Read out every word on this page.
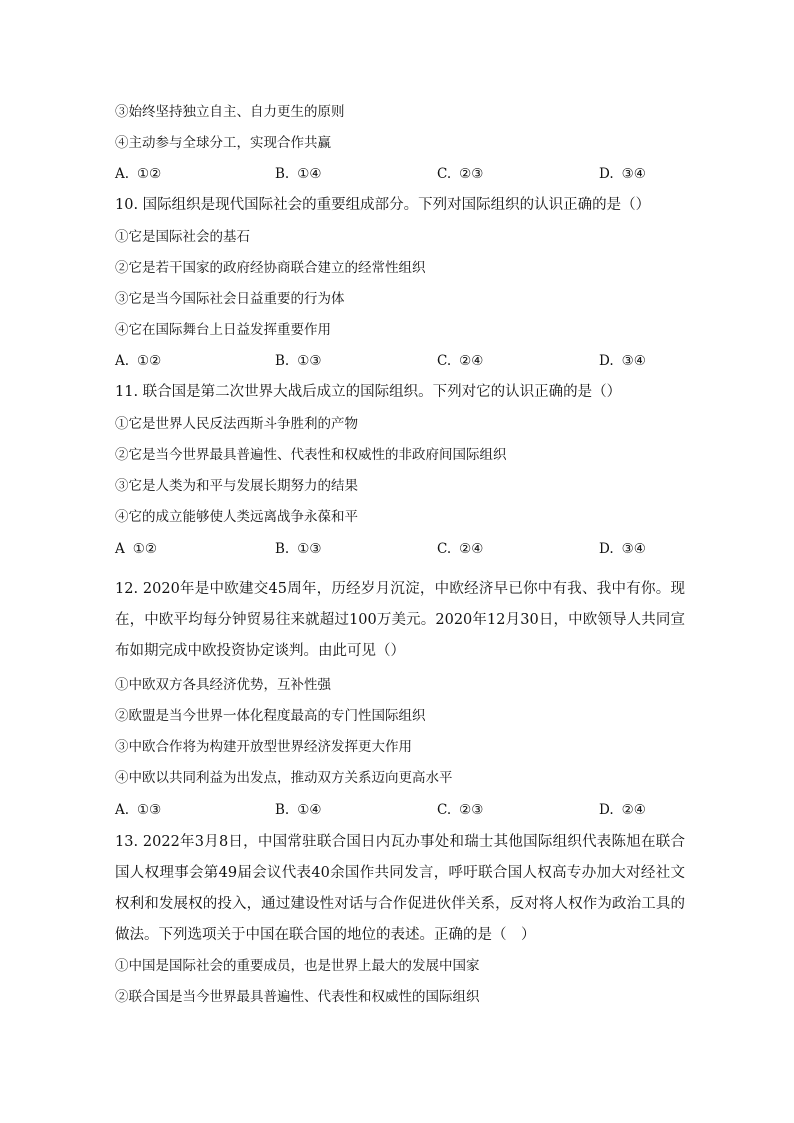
③始终坚持独立自主、自力更生的原则
④主动参与全球分工，实现合作共赢
A. ①②	B. ①④	C. ②③	D. ③④
10. 国际组织是现代国际社会的重要组成部分。下列对国际组织的认识正确的是（）
①它是国际社会的基石
②它是若干国家的政府经协商联合建立的经常性组织
③它是当今国际社会日益重要的行为体
④它在国际舞台上日益发挥重要作用
A. ①②	B. ①③	C. ②④	D. ③④
11. 联合国是第二次世界大战后成立的国际组织。下列对它的认识正确的是（）
①它是世界人民反法西斯斗争胜利的产物
②它是当今世界最具普遍性、代表性和权威性的非政府间国际组织
③它是人类为和平与发展长期努力的结果
④它的成立能够使人类远离战争永葆和平
A ①②	B. ①③	C. ②④	D. ③④
12. 2020年是中欧建交45周年，历经岁月沉淀，中欧经济早已你中有我、我中有你。现在，中欧平均每分钟贸易往来就超过100万美元。2020年12月30日，中欧领导人共同宣布如期完成中欧投资协定谈判。由此可见（）
①中欧双方各具经济优势，互补性强
②欧盟是当今世界一体化程度最高的专门性国际组织
③中欧合作将为构建开放型世界经济发挥更大作用
④中欧以共同利益为出发点，推动双方关系迈向更高水平
A. ①③	B. ①④	C. ②③	D. ②④
13. 2022年3月8日，中国常驻联合国日内瓦办事处和瑞士其他国际组织代表陈旭在联合国人权理事会第49届会议代表40余国作共同发言，呼吁联合国人权高专办加大对经社文权利和发展权的投入，通过建设性对话与合作促进伙伴关系，反对将人权作为政治工具的做法。下列选项关于中国在联合国的地位的表述。正确的是（　）
①中国是国际社会的重要成员，也是世界上最大的发展中国家
②联合国是当今世界最具普遍性、代表性和权威性的国际组织
